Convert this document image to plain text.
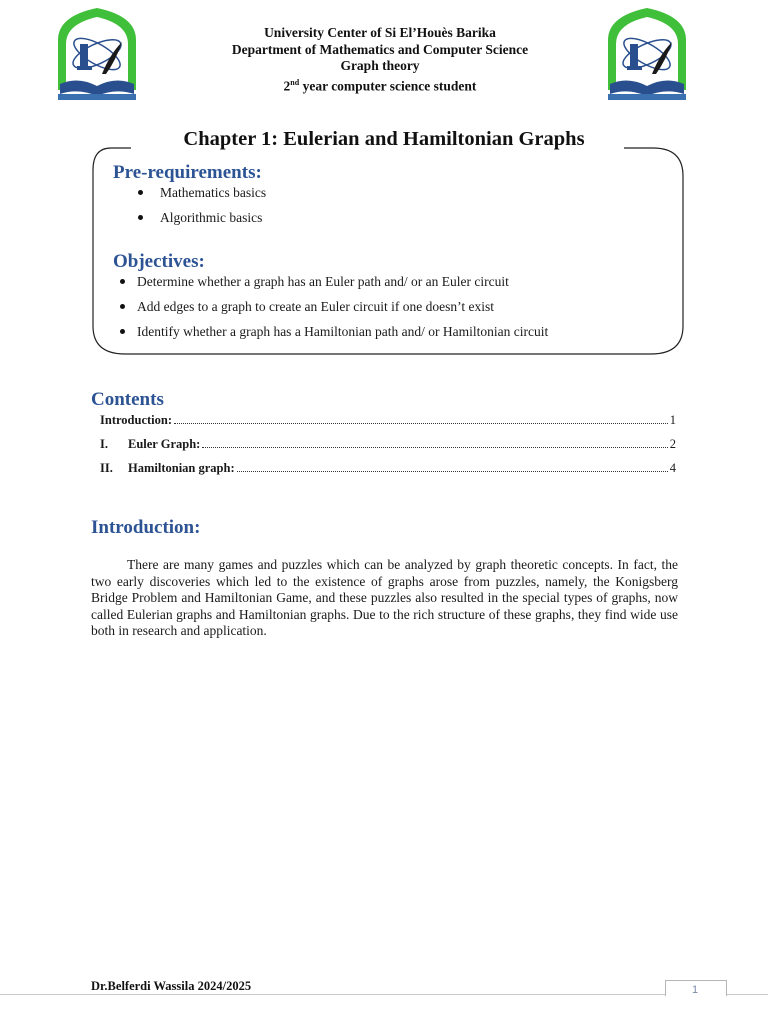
University Center of Si El’Houès Barika
Department of Mathematics and Computer Science
Graph theory
2nd year computer science student
Chapter 1: Eulerian and Hamiltonian Graphs
Pre-requirements:
Mathematics basics
Algorithmic basics
Objectives:
Determine whether a graph has an Euler path and/ or an Euler circuit
Add edges to a graph to create an Euler circuit if one doesn’t exist
Identify whether a graph has a Hamiltonian path and/ or Hamiltonian circuit
Contents
Introduction:	1
I.	Euler Graph:	2
II.	Hamiltonian graph:	4
Introduction:

There are many games and puzzles which can be analyzed by graph theoretic concepts. In fact, the two early discoveries which led to the existence of graphs arose from puzzles, namely, the Konigsberg Bridge Problem and Hamiltonian Game, and these puzzles also resulted in the special types of graphs, now called Eulerian graphs and Hamiltonian graphs. Due to the rich structure of these graphs, they find wide use both in research and application.

Dr.Belferdi Wassila 2024/2025	1
